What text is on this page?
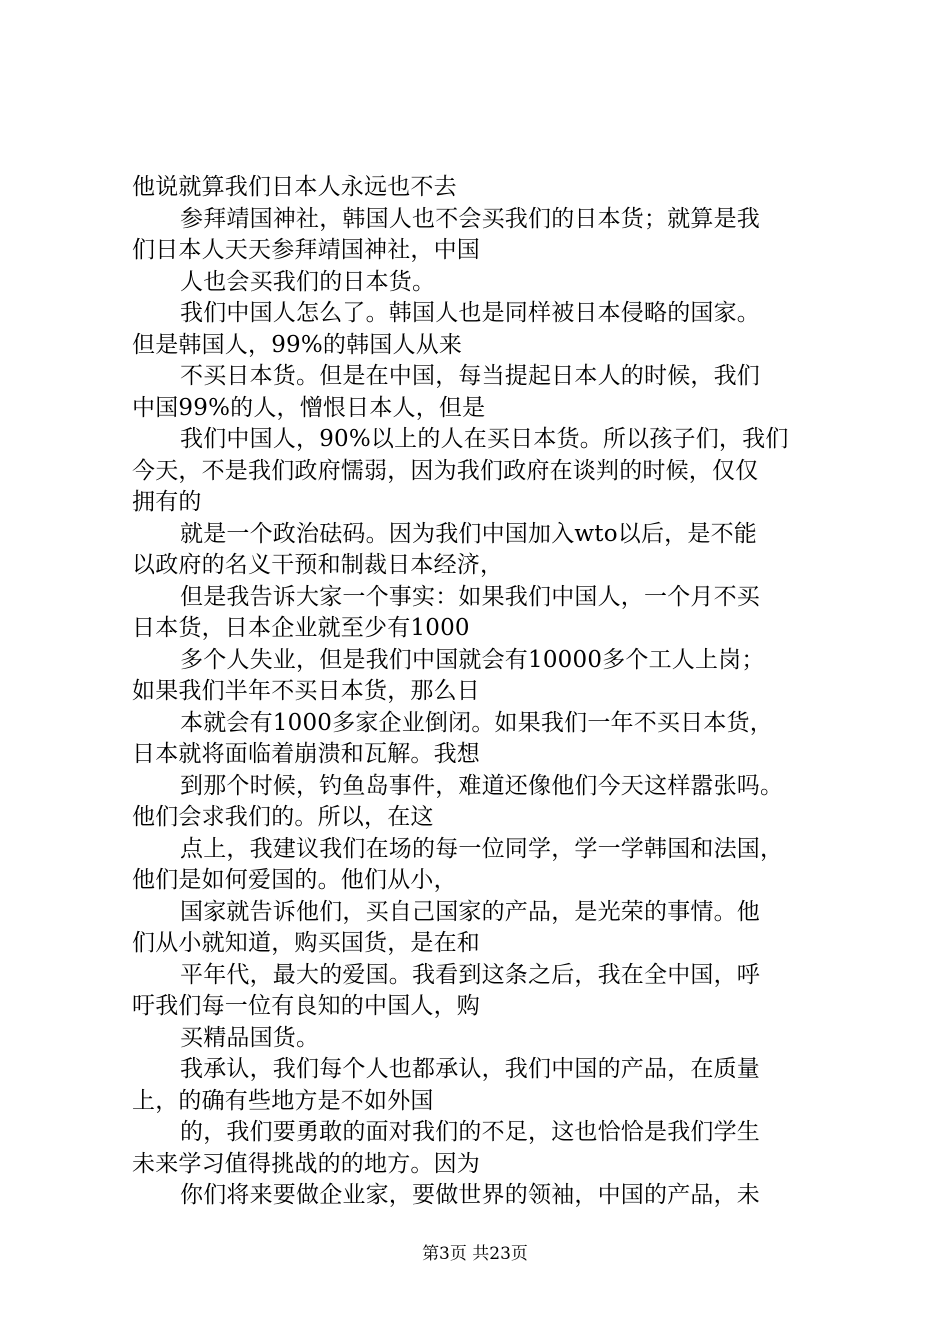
他说就算我们日本人永远也不去
参拜靖国神社，韩国人也不会买我们的日本货；就算是我
们日本人天天参拜靖国神社，中国
人也会买我们的日本货。
我们中国人怎么了。韩国人也是同样被日本侵略的国家。
但是韩国人，99%的韩国人从来
不买日本货。但是在中国，每当提起日本人的时候，我们
中国99%的人，憎恨日本人，但是
我们中国人，90%以上的人在买日本货。所以孩子们，我们
今天，不是我们政府懦弱，因为我们政府在谈判的时候，仅仅
拥有的
就是一个政治砝码。因为我们中国加入wto以后，是不能
以政府的名义干预和制裁日本经济，
但是我告诉大家一个事实：如果我们中国人，一个月不买
日本货，日本企业就至少有1000
多个人失业，但是我们中国就会有10000多个工人上岗；
如果我们半年不买日本货，那么日
本就会有1000多家企业倒闭。如果我们一年不买日本货，
日本就将面临着崩溃和瓦解。我想
到那个时候，钓鱼岛事件，难道还像他们今天这样嚣张吗。
他们会求我们的。所以，在这
点上，我建议我们在场的每一位同学，学一学韩国和法国，
他们是如何爱国的。他们从小，
国家就告诉他们，买自己国家的产品，是光荣的事情。他
们从小就知道，购买国货，是在和
平年代，最大的爱国。我看到这条之后，我在全中国，呼
吁我们每一位有良知的中国人，购
买精品国货。
我承认，我们每个人也都承认，我们中国的产品，在质量
上，的确有些地方是不如外国
的，我们要勇敢的面对我们的不足，这也恰恰是我们学生
未来学习值得挑战的的地方。因为
你们将来要做企业家，要做世界的领袖，中国的产品，未
第3页 共23页
